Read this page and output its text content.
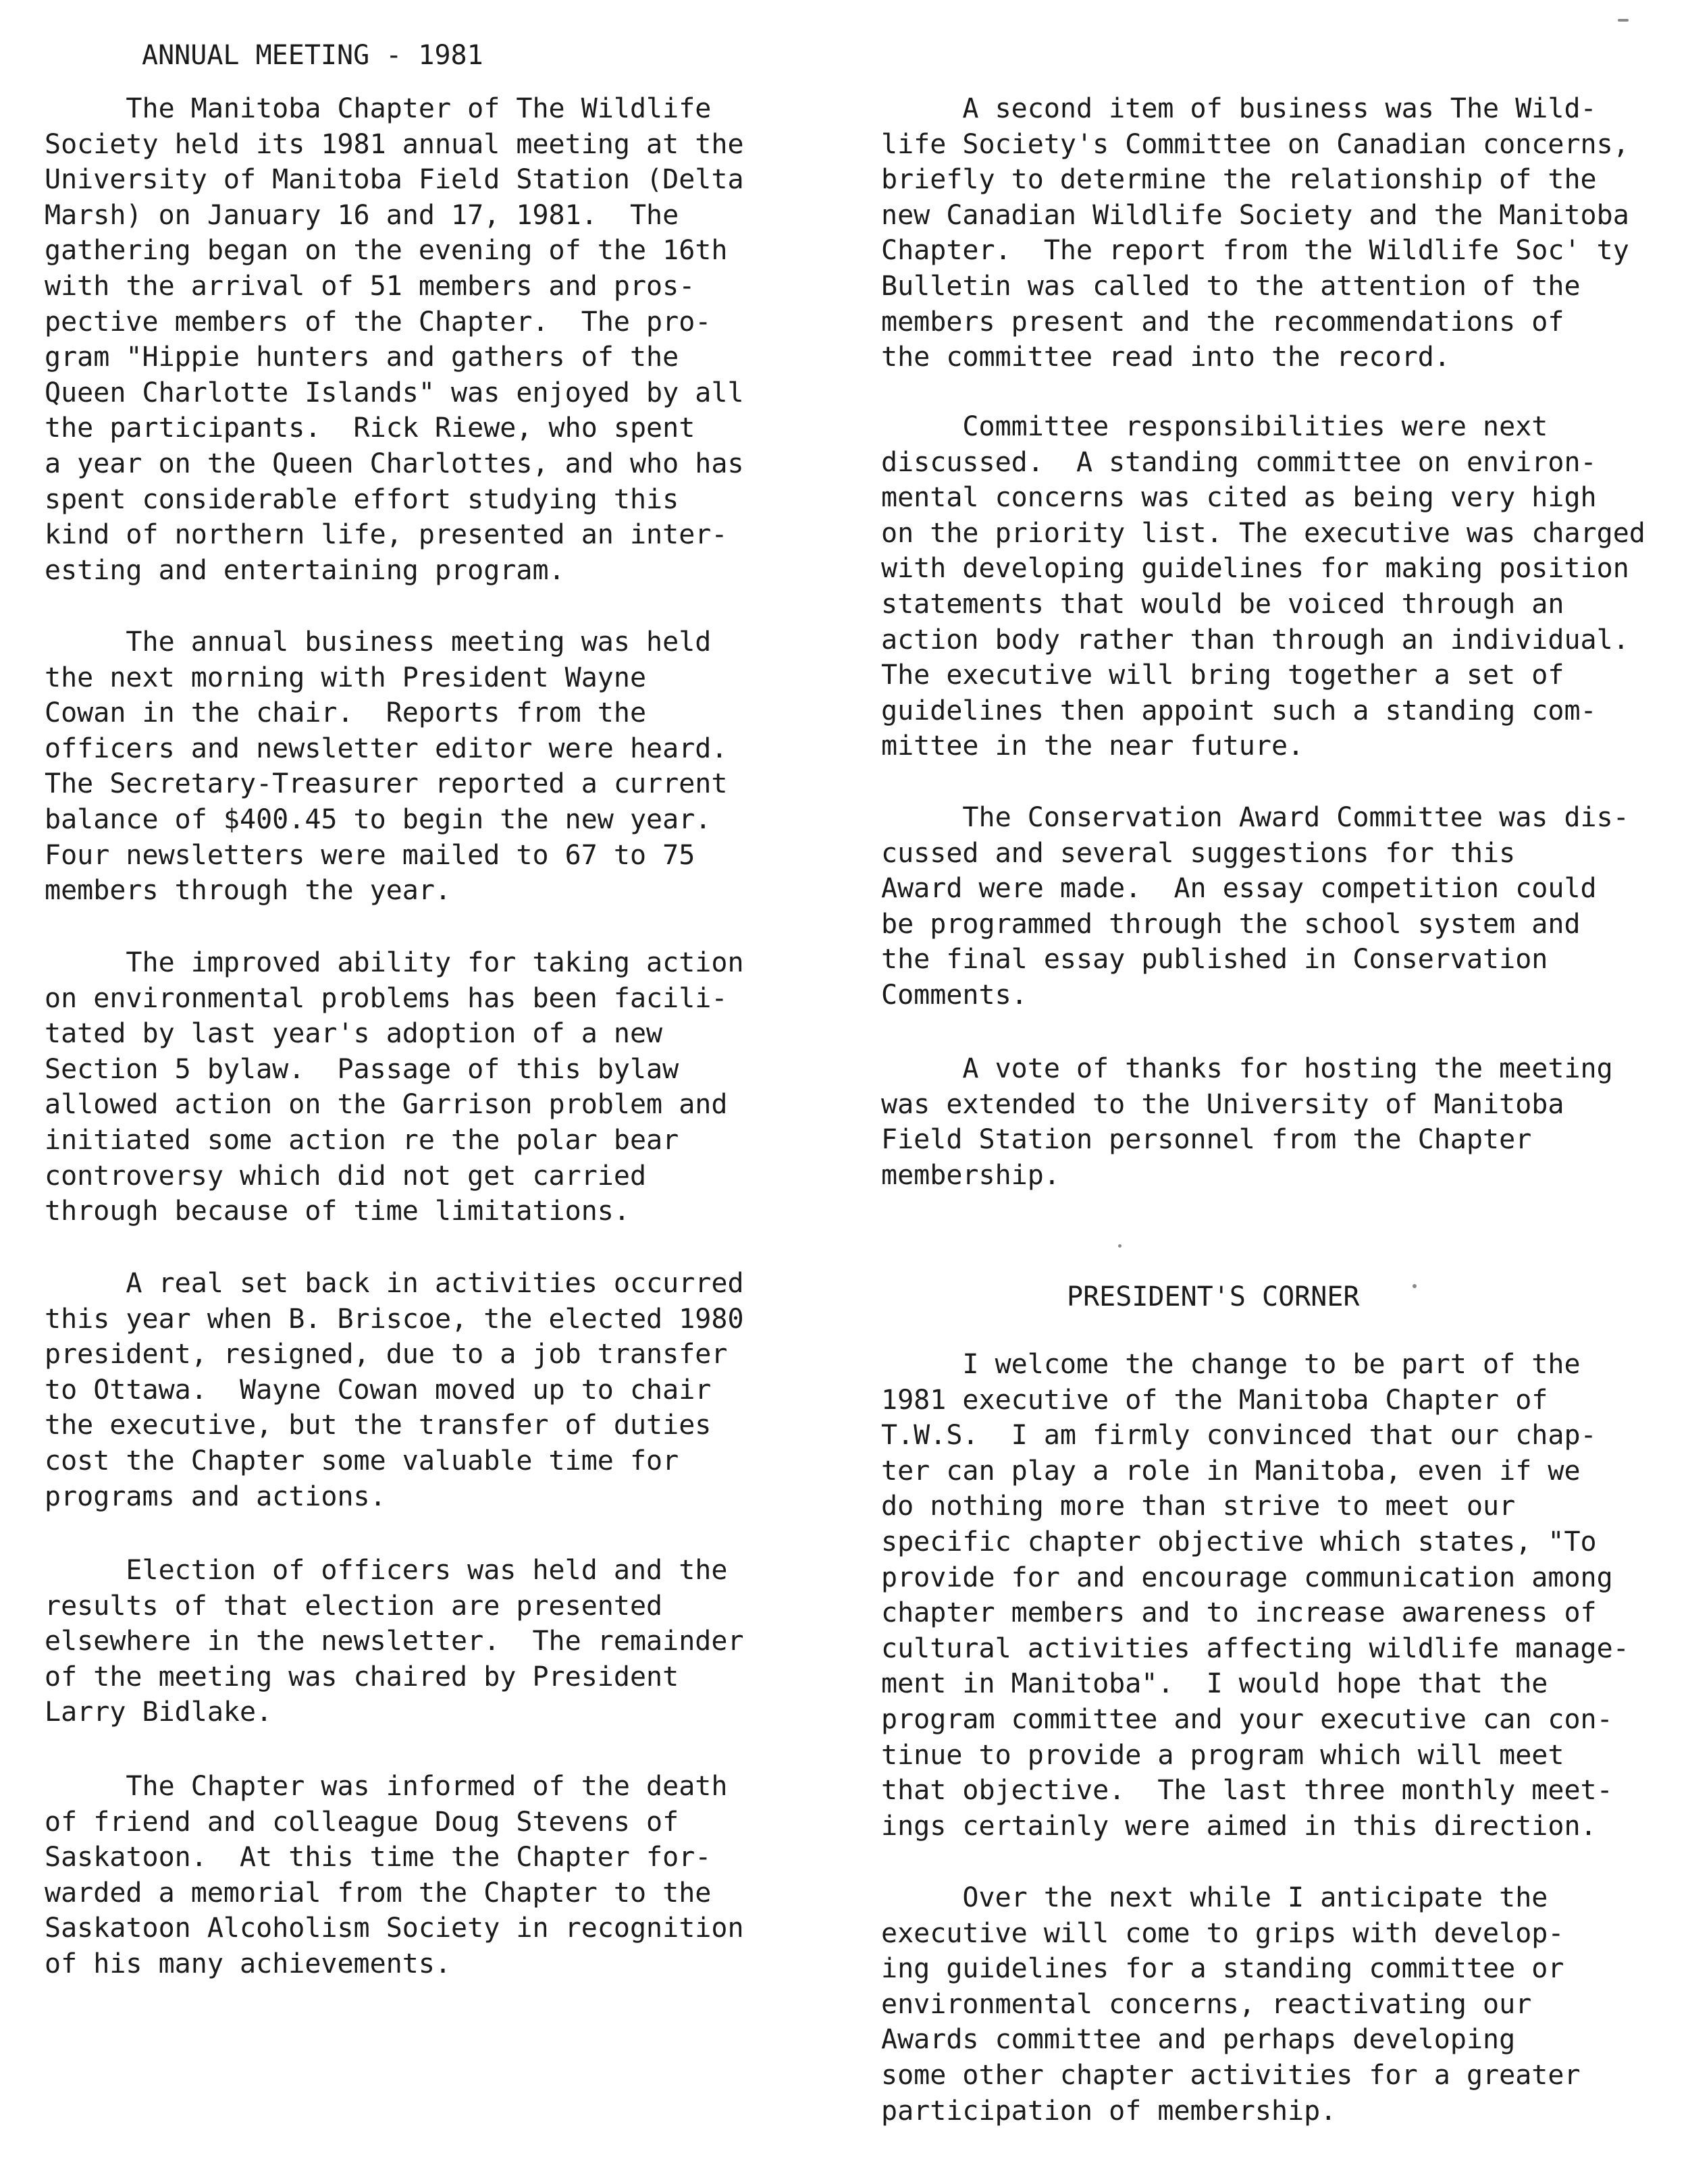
ANNUAL MEETING - 1981
The Manitoba Chapter of The Wildlife
Society held its 1981 annual meeting at the
University of Manitoba Field Station (Delta
Marsh) on January 16 and 17, 1981.  The
gathering began on the evening of the 16th
with the arrival of 51 members and pros-
pective members of the Chapter.  The pro-
gram "Hippie hunters and gathers of the
Queen Charlotte Islands" was enjoyed by all
the participants.  Rick Riewe, who spent
a year on the Queen Charlottes, and who has
spent considerable effort studying this
kind of northern life, presented an inter-
esting and entertaining program.
The annual business meeting was held
the next morning with President Wayne
Cowan in the chair.  Reports from the
officers and newsletter editor were heard.
The Secretary-Treasurer reported a current
balance of $400.45 to begin the new year.
Four newsletters were mailed to 67 to 75
members through the year.
The improved ability for taking action
on environmental problems has been facili-
tated by last year's adoption of a new
Section 5 bylaw.  Passage of this bylaw
allowed action on the Garrison problem and
initiated some action re the polar bear
controversy which did not get carried
through because of time limitations.
A real set back in activities occurred
this year when B. Briscoe, the elected 1980
president, resigned, due to a job transfer
to Ottawa.  Wayne Cowan moved up to chair
the executive, but the transfer of duties
cost the Chapter some valuable time for
programs and actions.
Election of officers was held and the
results of that election are presented
elsewhere in the newsletter.  The remainder
of the meeting was chaired by President
Larry Bidlake.
The Chapter was informed of the death
of friend and colleague Doug Stevens of
Saskatoon.  At this time the Chapter for-
warded a memorial from the Chapter to the
Saskatoon Alcoholism Society in recognition
of his many achievements.
A second item of business was The Wild-
life Society's Committee on Canadian concerns,
briefly to determine the relationship of the
new Canadian Wildlife Society and the Manitoba
Chapter.  The report from the Wildlife Soc' ty
Bulletin was called to the attention of the
members present and the recommendations of
the committee read into the record.
Committee responsibilities were next
discussed.  A standing committee on environ-
mental concerns was cited as being very high
on the priority list. The executive was charged
with developing guidelines for making position
statements that would be voiced through an
action body rather than through an individual.
The executive will bring together a set of
guidelines then appoint such a standing com-
mittee in the near future.
The Conservation Award Committee was dis-
cussed and several suggestions for this
Award were made.  An essay competition could
be programmed through the school system and
the final essay published in Conservation
Comments.
A vote of thanks for hosting the meeting
was extended to the University of Manitoba
Field Station personnel from the Chapter
membership.
PRESIDENT'S CORNER
I welcome the change to be part of the
1981 executive of the Manitoba Chapter of
T.W.S.  I am firmly convinced that our chap-
ter can play a role in Manitoba, even if we
do nothing more than strive to meet our
specific chapter objective which states, "To
provide for and encourage communication among
chapter members and to increase awareness of
cultural activities affecting wildlife manage-
ment in Manitoba".  I would hope that the
program committee and your executive can con-
tinue to provide a program which will meet
that objective.  The last three monthly meet-
ings certainly were aimed in this direction.
Over the next while I anticipate the
executive will come to grips with develop-
ing guidelines for a standing committee or
environmental concerns, reactivating our
Awards committee and perhaps developing
some other chapter activities for a greater
participation of membership.
